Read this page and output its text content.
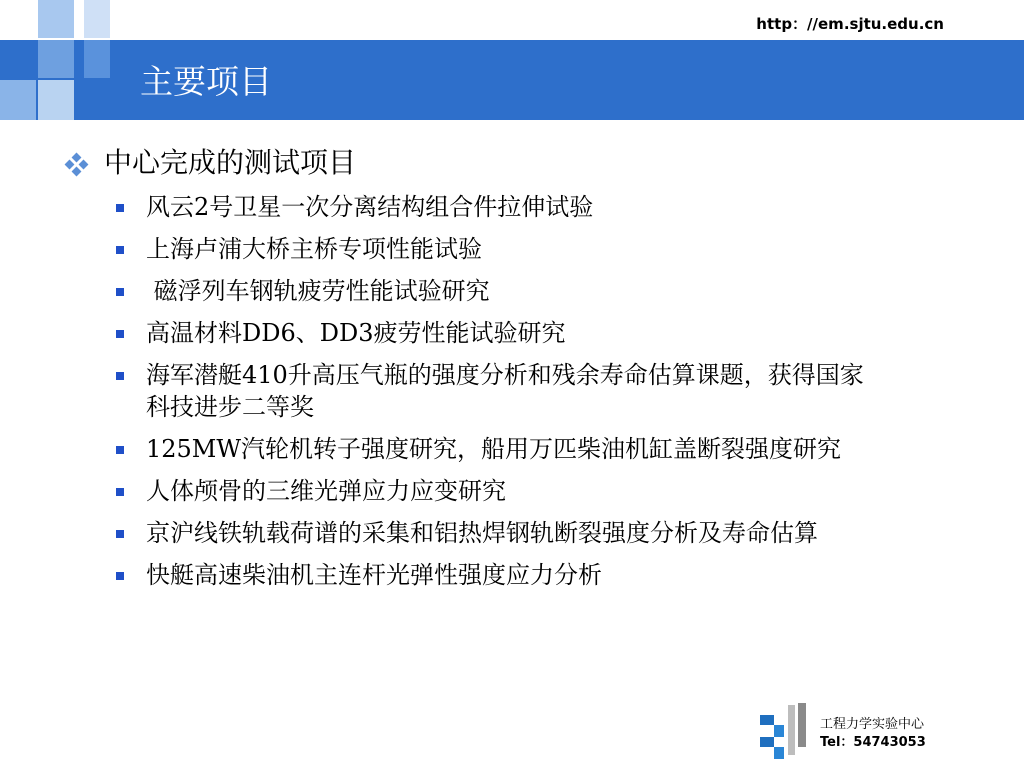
http：//em.sjtu.edu.cn
主要项目
中心完成的测试项目
风云2号卫星一次分离结构组合件拉伸试验
上海卢浦大桥主桥专项性能试验
磁浮列车钢轨疲劳性能试验研究
高温材料DD6、DD3疲劳性能试验研究
海军潜艇410升高压气瓶的强度分析和残余寿命估算课题，获得国家科技进步二等奖
125MW汽轮机转子强度研究，船用万匹柴油机缸盖断裂强度研究
人体颅骨的三维光弹应力应变研究
京沪线铁轨载荷谱的采集和铝热焊钢轨断裂强度分析及寿命估算
快艇高速柴油机主连杆光弹性强度应力分析
工程力学实验中心
Tel：54743053
